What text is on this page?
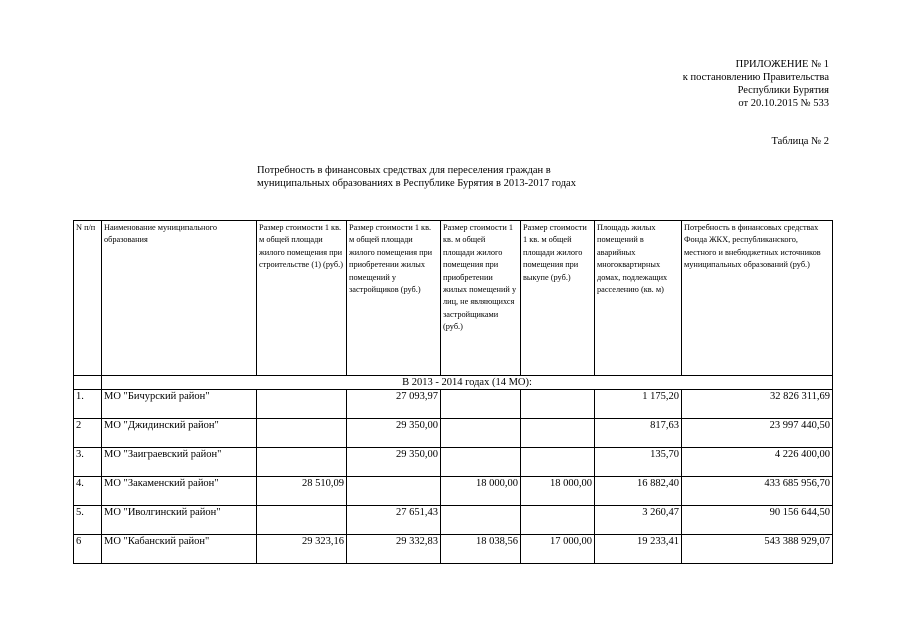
ПРИЛОЖЕНИЕ № 1
к постановлению Правительства
Республики Бурятия
от 20.10.2015 № 533
Таблица № 2
Потребность в финансовых средствах для переселения граждан в
муниципальных образованиях в Республике Бурятия в 2013-2017 годах
N п/п	Наименование муниципального образования	Размер стоимости 1 кв. м общей площади жилого помещения при строительстве (1) (руб.)	Размер стоимости 1 кв. м общей площади жилого помещения при приобретении жилых помещений у застройщиков (руб.)	Размер стоимости 1 кв. м общей площади жилого помещения при приобретении жилых помещений у лиц, не являющихся застройщиками (руб.)	Размер стоимости 1 кв. м общей площади жилого помещения при выкупе (руб.)	Площадь жилых помещений в аварийных многоквартирных домах, подлежащих расселению (кв. м)	Потребность в финансовых средствах Фонда ЖКХ, республиканского, местного и внебюджетных источников муниципальных образований (руб.)
	В 2013 - 2014 годах (14 МО):						
1.	МО "Бичурский район"		27 093,97			1 175,20	32 826 311,69
2	МО "Джидинский район"		29 350,00			817,63	23 997 440,50
3.	МО "Заиграевский район"		29 350,00			135,70	4 226 400,00
4.	МО "Закаменский район"	28 510,09		18 000,00	18 000,00	16 882,40	433 685 956,70
5.	МО "Иволгинский район"		27 651,43			3 260,47	90 156 644,50
6	МО "Кабанский район"	29 323,16	29 332,83	18 038,56	17 000,00	19 233,41	543 388 929,07
